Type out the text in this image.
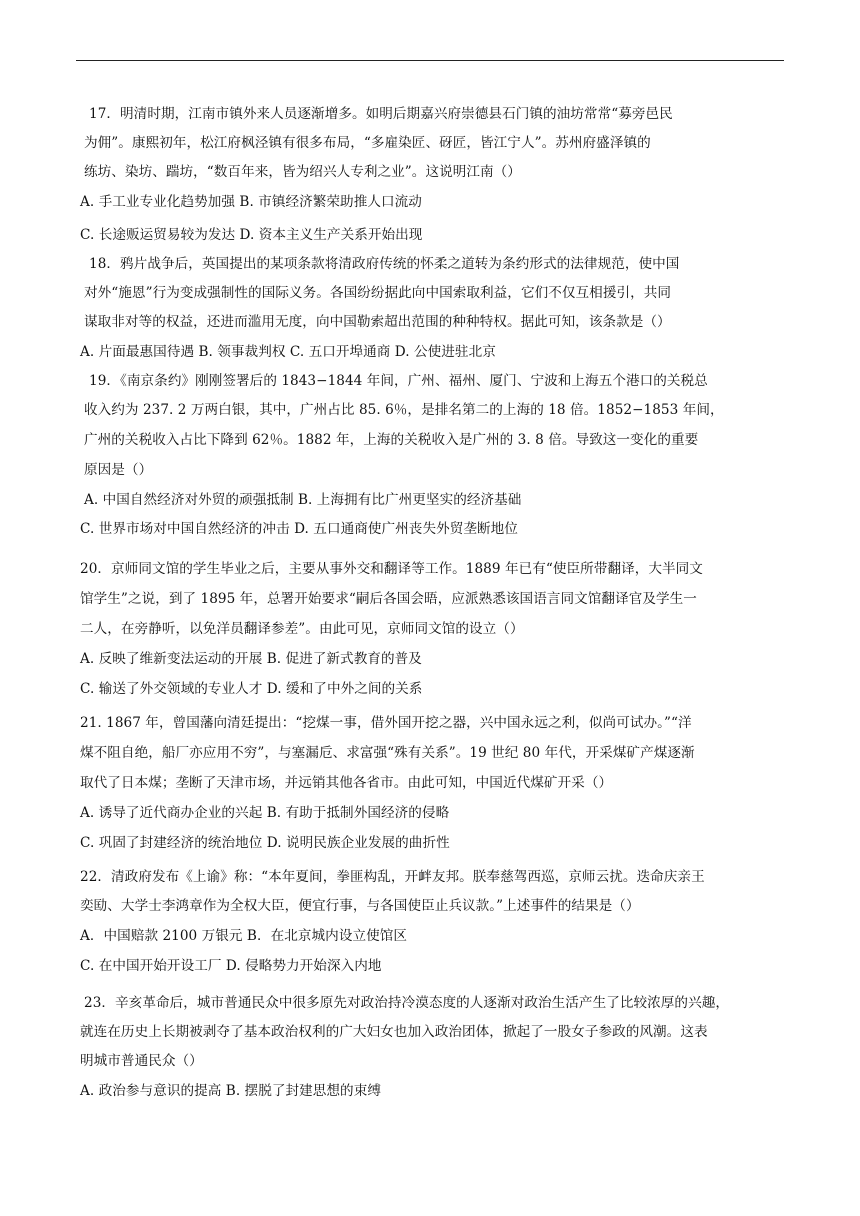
17．明清时期，江南市镇外来人员逐渐增多。如明后期嘉兴府崇德县石门镇的油坊常常“募旁邑民
为佣”。康熙初年，松江府枫泾镇有很多布局，“多雇染匠、砑匠，皆江宁人”。苏州府盛泽镇的
练坊、染坊、踹坊，“数百年来，皆为绍兴人专利之业”。这说明江南（）
A. 手工业专业化趋势加强 B. 市镇经济繁荣助推人口流动
C. 长途贩运贸易较为发达 D. 资本主义生产关系开始出现
18．鸦片战争后，英国提出的某项条款将清政府传统的怀柔之道转为条约形式的法律规范，使中国
对外“施恩”行为变成强制性的国际义务。各国纷纷据此向中国索取利益，它们不仅互相援引，共同
谋取非对等的权益，还进而滥用无度，向中国勒索超出范围的种种特权。据此可知，该条款是（）
A. 片面最惠国待遇 B. 领事裁判权 C. 五口开埠通商 D. 公使进驻北京
19．《南京条约》刚刚签署后的 1843−1844 年间，广州、福州、厦门、宁波和上海五个港口的关税总
收入约为 237. 2 万两白银，其中，广州占比 85. 6％，是排名第二的上海的 18 倍。1852−1853 年间，
广州的关税收入占比下降到 62％。1882 年，上海的关税收入是广州的 3. 8 倍。导致这一变化的重要
原因是（）
A. 中国自然经济对外贸的顽强抵制 B. 上海拥有比广州更坚实的经济基础
C. 世界市场对中国自然经济的冲击 D. 五口通商使广州丧失外贸垄断地位
20．京师同文馆的学生毕业之后，主要从事外交和翻译等工作。1889 年已有“使臣所带翻译，大半同文
馆学生”之说，到了 1895 年，总署开始要求“嗣后各国会晤，应派熟悉该国语言同文馆翻译官及学生一
二人，在旁静听，以免洋员翻译参差”。由此可见，京师同文馆的设立（）
A. 反映了维新变法运动的开展 B. 促进了新式教育的普及
C. 输送了外交领域的专业人才 D. 缓和了中外之间的关系
21. 1867 年，曾国藩向清廷提出：“挖煤一事，借外国开挖之器，兴中国永远之利，似尚可试办。”“洋
煤不阻自绝，船厂亦应用不穷”，与塞漏卮、求富强“殊有关系”。19 世纪 80 年代，开采煤矿产煤逐渐
取代了日本煤；垄断了天津市场，并远销其他各省市。由此可知，中国近代煤矿开采（）
A. 诱导了近代商办企业的兴起 B. 有助于抵制外国经济的侵略
C. 巩固了封建经济的统治地位 D. 说明民族企业发展的曲折性
22．清政府发布《上谕》称：“本年夏间，拳匪构乱，开衅友邦。朕奉慈驾西巡，京师云扰。迭命庆亲王
奕劻、大学士李鸿章作为全权大臣，便宜行事，与各国使臣止兵议款。”上述事件的结果是（）
A．中国赔款 2100 万银元 B．在北京城内设立使馆区
C. 在中国开始开设工厂 D. 侵略势力开始深入内地
23．辛亥革命后，城市普通民众中很多原先对政治持冷漠态度的人逐渐对政治生活产生了比较浓厚的兴趣，
就连在历史上长期被剥夺了基本政治权利的广大妇女也加入政治团体，掀起了一股女子参政的风潮。这表
明城市普通民众（）
A. 政治参与意识的提高 B. 摆脱了封建思想的束缚
